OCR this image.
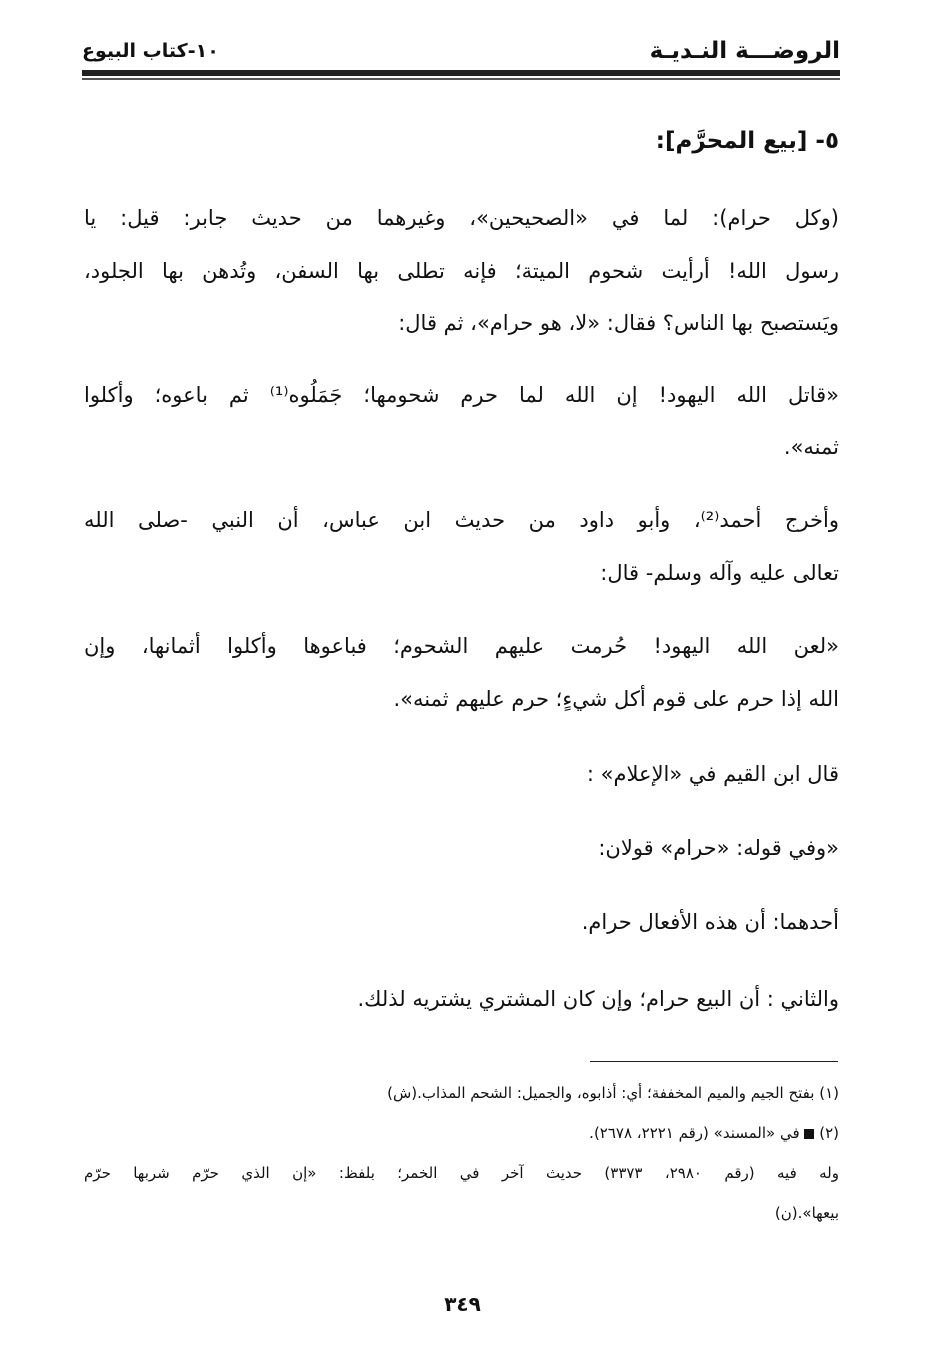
الروضـــة النـديـة
١٠-كتاب البيوع
٥- [بيع المحرَّم]:
(وكل حرام): لما في «الصحيحين»، وغيرهما من حديث جابر: قيل: يا
رسول الله! أرأيت شحوم الميتة؛ فإنه تطلى بها السفن، وتُدهن بها الجلود،
ويَستصبح بها الناس؟ فقال: «لا، هو حرام»، ثم قال:
«قاتل الله اليهود! إن الله لما حرم شحومها؛ جَمَلُوه⁽¹⁾ ثم باعوه؛ وأكلوا
ثمنه».
وأخرج أحمد⁽²⁾، وأبو داود من حديث ابن عباس، أن النبي -صلى الله
تعالى عليه وآله وسلم- قال:
«لعن الله اليهود! حُرمت عليهم الشحوم؛ فباعوها وأكلوا أثمانها، وإن
الله إذا حرم على قوم أكل شيءٍ؛ حرم عليهم ثمنه».
قال ابن القيم في «الإعلام» :
«وفي قوله: «حرام» قولان:
أحدهما: أن هذه الأفعال حرام.
والثاني : أن البيع حرام؛ وإن كان المشتري يشتريه لذلك.
(١) بفتح الجيم والميم المخففة؛ أي: أذابوه، والجميل: الشحم المذاب.(ش)
(٢)  في «المسند» (رقم ٢٢٢١، ٢٦٧٨).
وله فيه (رقم ٢٩٨٠، ٣٣٧٣) حديث آخر في الخمر؛ بلفظ: «إن الذي حرّم شربها حرّم
بيعها».(ن)
٣٤٩
